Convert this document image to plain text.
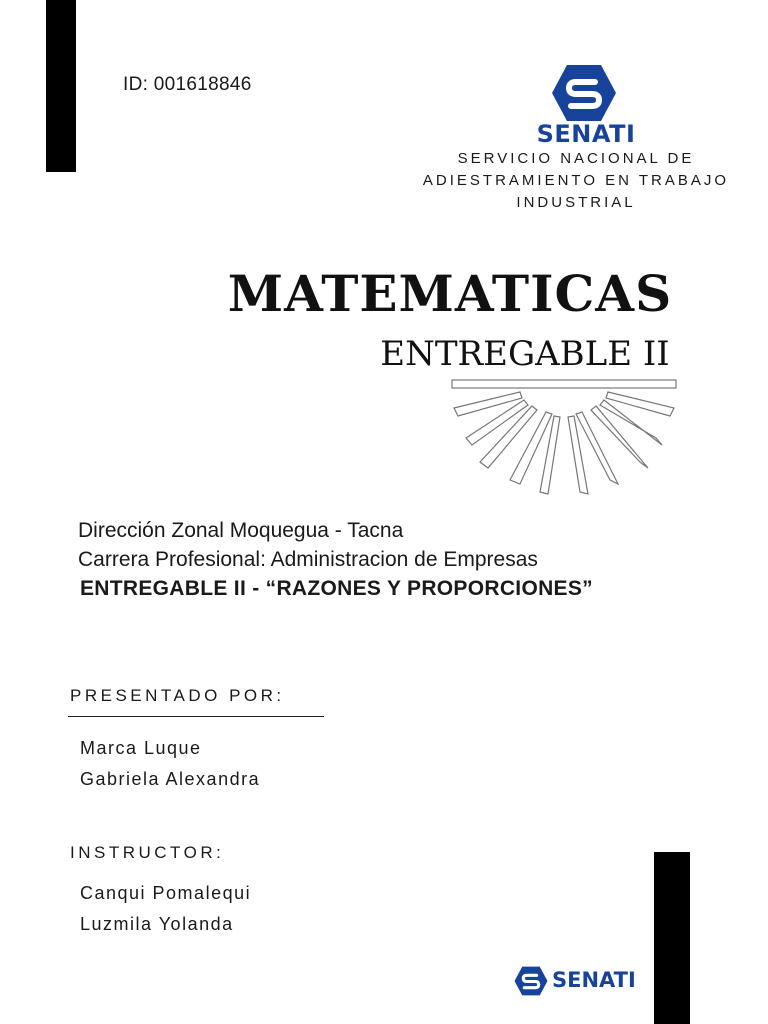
ID: 001618846
SENATI
SERVICIO NACIONAL DE
ADIESTRAMIENTO EN TRABAJO
INDUSTRIAL
MATEMATICAS
ENTREGABLE II
Dirección Zonal Moquegua - Tacna
Carrera Profesional: Administracion de Empresas
ENTREGABLE II - “RAZONES Y PROPORCIONES”
PRESENTADO POR:
Marca Luque
Gabriela Alexandra
INSTRUCTOR:
Canqui Pomalequi
Luzmila Yolanda
SENATI
